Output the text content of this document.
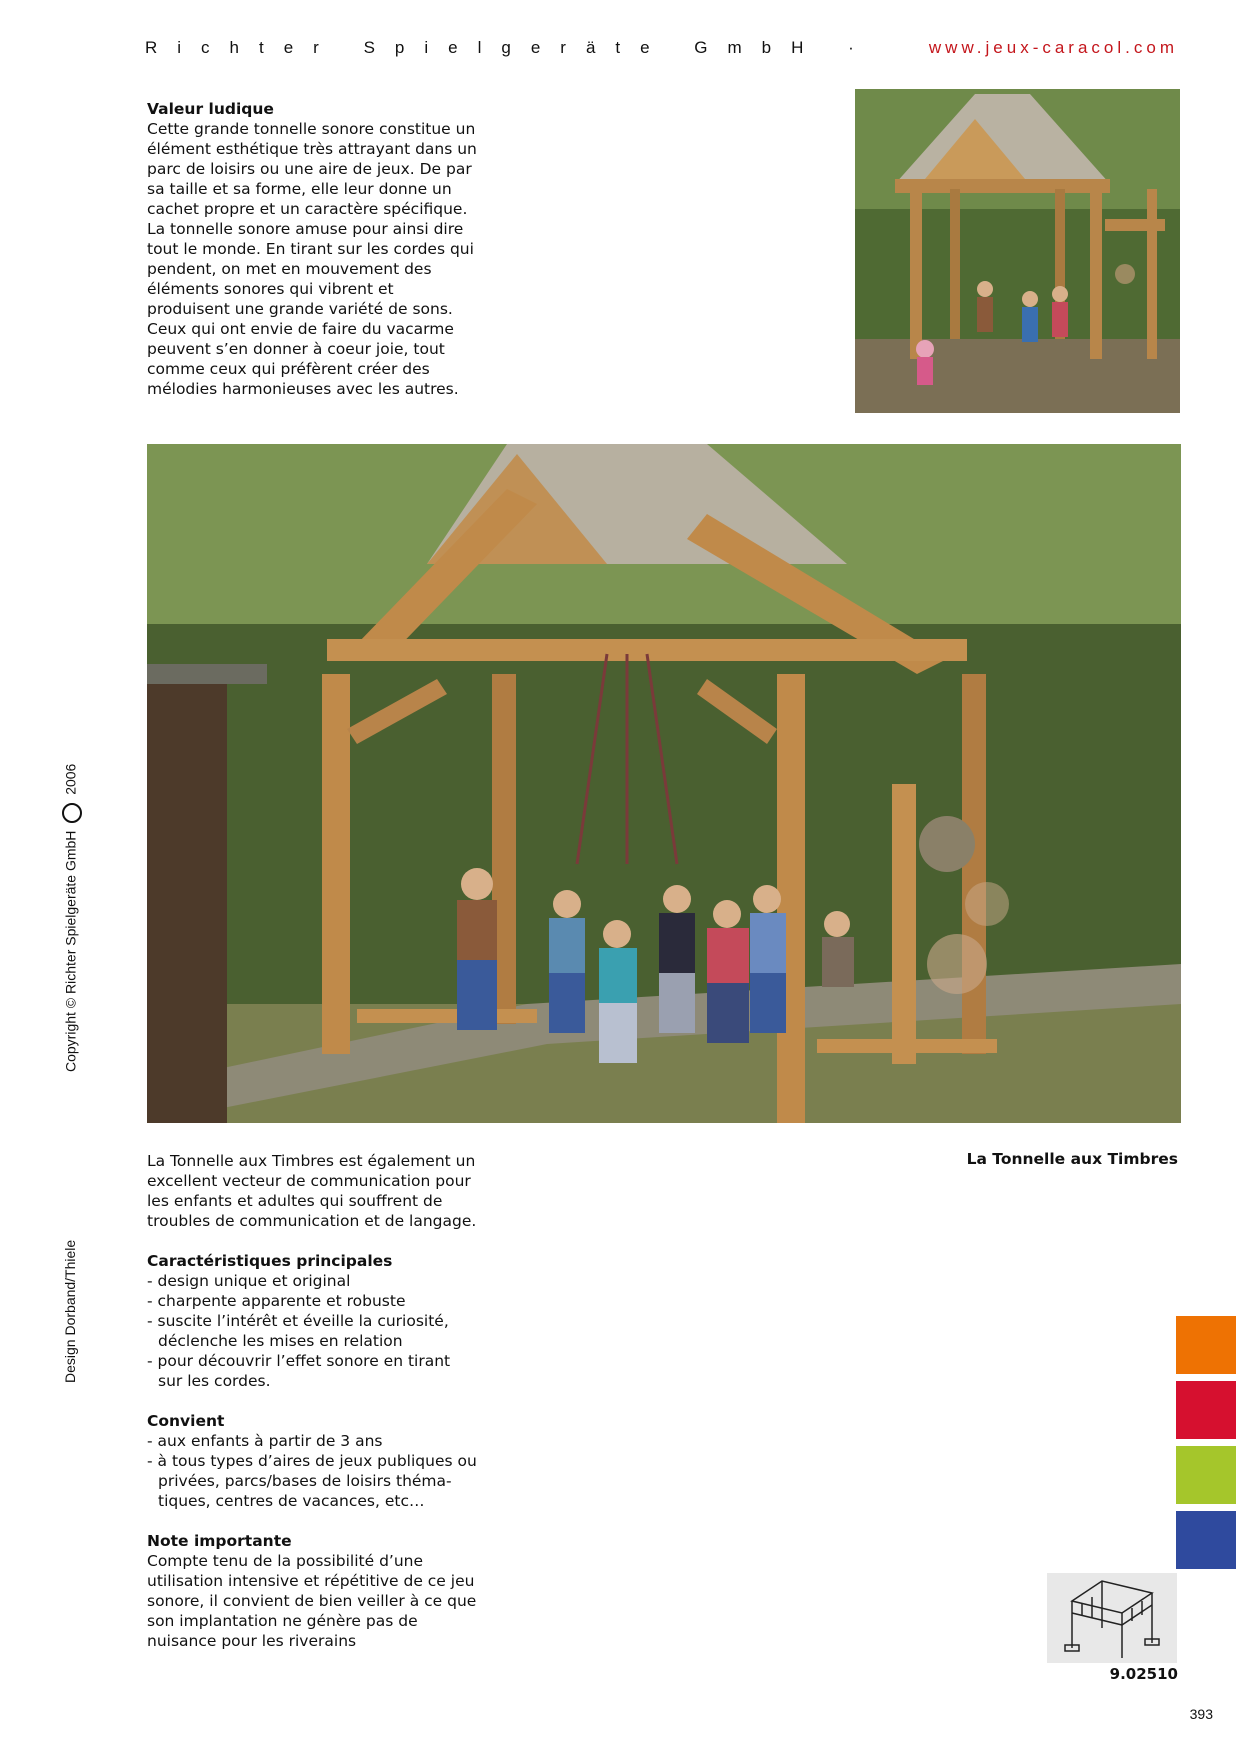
Richter Spielgeräte GmbH ·	www.jeux-caracol.com

Valeur ludique

Cette grande tonnelle sonore constitue un élément esthétique très attrayant dans un parc de loisirs ou une aire de jeux. De par sa taille et sa forme, elle leur donne un cachet propre et un caractère spécifique. La tonnelle sonore amuse pour ainsi dire tout le monde. En tirant sur les cordes qui pendent, on met en mouvement des éléments sonores qui vibrent et produisent une grande variété de sons. Ceux qui ont envie de faire du vacarme peuvent s’en donner à coeur joie, tout comme ceux qui préfèrent créer des mélodies harmonieuses avec les autres.

La Tonnelle aux Timbres

La Tonnelle aux Timbres est également un excellent vecteur de communication pour les enfants et adultes qui souffrent de troubles de communication et de langage.

Caractéristiques principales

- design unique et original
- charpente apparente et robuste
- suscite l’intérêt et éveille la curiosité, déclenche les mises en relation
- pour découvrir l’effet sonore en tirant sur les cordes.

Convient

- aux enfants à partir de 3 ans
- à tous types d’aires de jeux publiques ou privées, parcs/bases de loisirs théma-tiques, centres de vacances, etc…

Note importante

Compte tenu de la possibilité d’une utilisation intensive et répétitive de ce jeu sonore, il convient de bien veiller à ce que son implantation ne génère pas de nuisance pour les riverains

Copyright © Richter Spielgeräte GmbH  2006
Design Dorband/Thiele
9.02510
393
